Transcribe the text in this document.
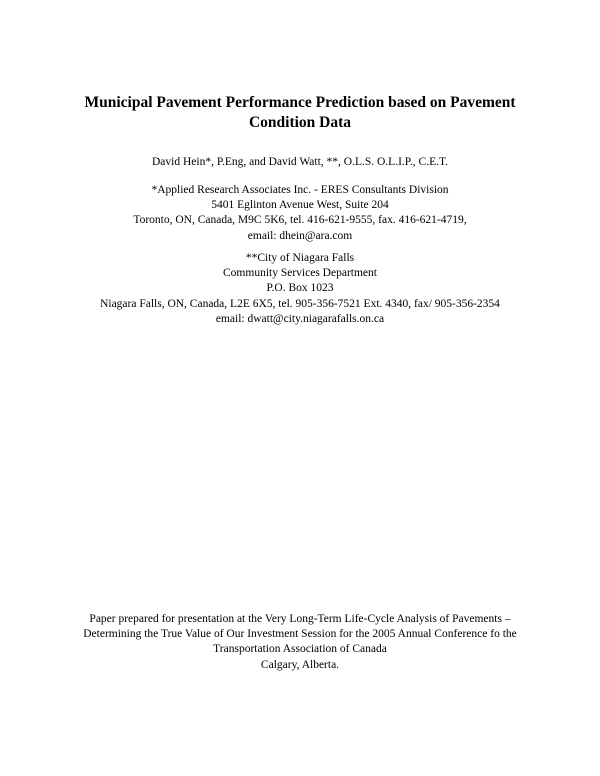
Municipal Pavement Performance Prediction based on Pavement
Condition Data
David Hein*, P.Eng, and David Watt, **, O.L.S. O.L.I.P., C.E.T.
*Applied Research Associates Inc. - ERES Consultants Division
5401 Eglinton Avenue West, Suite 204
Toronto, ON, Canada, M9C 5K6, tel. 416-621-9555, fax. 416-621-4719,
email: dhein@ara.com
**City of Niagara Falls
Community Services Department
P.O. Box 1023
Niagara Falls, ON, Canada, L2E 6X5, tel. 905-356-7521 Ext. 4340, fax/ 905-356-2354
email: dwatt@city.niagarafalls.on.ca
Paper prepared for presentation at the Very Long-Term Life-Cycle Analysis of Pavements –
Determining the True Value of Our Investment Session for the 2005 Annual Conference fo the
Transportation Association of Canada
Calgary, Alberta.
